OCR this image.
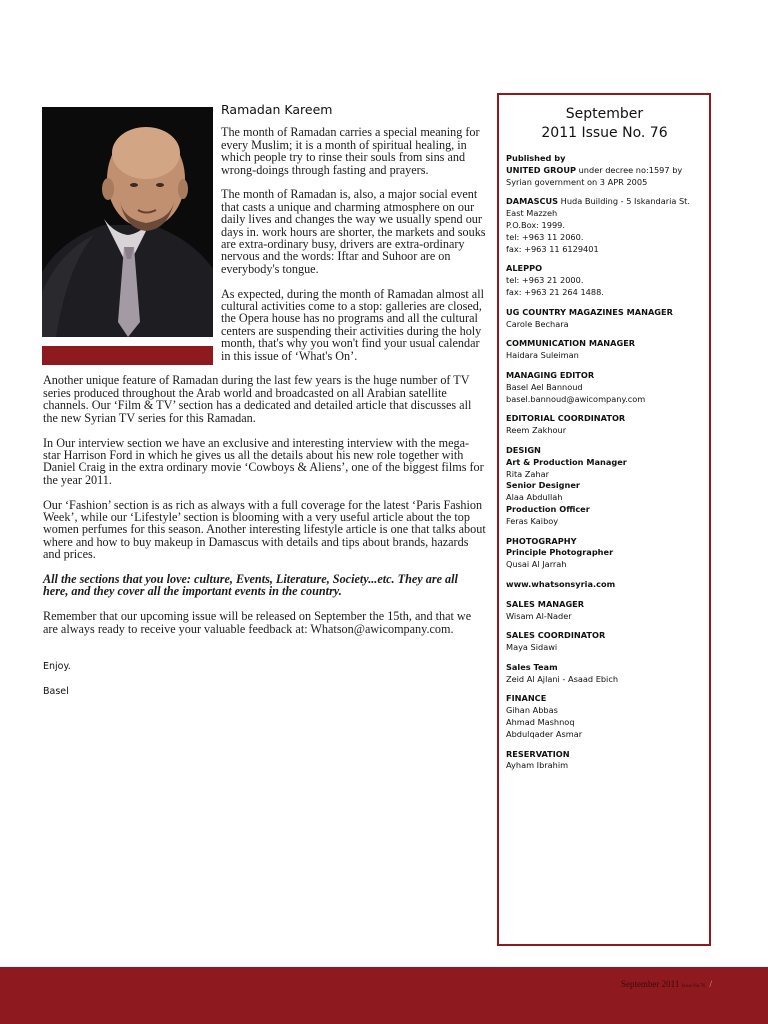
Ramadan Kareem

The month of Ramadan carries a special meaning for every Muslim; it is a month of spiritual healing, in which people try to rinse their souls from sins and wrong-doings through fasting and prayers.

The month of Ramadan is, also, a major social event that casts a unique and charming atmosphere on our daily lives and changes the way we usually spend our days in. work hours are shorter, the markets and souks are extra-ordinary busy, drivers are extra-ordinary nervous and the words: Iftar and Suhoor are on everybody's tongue.

As expected, during the month of Ramadan almost all cultural activities come to a stop: galleries are closed, the Opera house has no programs and all the cultural centers are suspending their activities during the holy month, that's why you won't find your usual calendar in this issue of ‘What's On’.

Another unique feature of Ramadan during the last few years is the huge number of TV series produced throughout the Arab world and broadcasted on all Arabian satellite channels. Our ‘Film & TV’ section has a dedicated and detailed article that discusses all the new Syrian TV series for this Ramadan.

In Our interview section we have an exclusive and interesting interview with the mega-star Harrison Ford in which he gives us all the details about his new role together with Daniel Craig in the extra ordinary movie ‘Cowboys & Aliens’, one of the biggest films for the year 2011.

Our ‘Fashion’ section is as rich as always with a full coverage for the latest ‘Paris Fashion Week’, while our ‘Lifestyle’ section is blooming with a very useful article about the top women perfumes for this season. Another interesting lifestyle article is one that talks about where and how to buy makeup in Damascus with details and tips about brands, hazards and prices.

All the sections that you love: culture, Events, Literature, Society...etc. They are all here, and they cover all the important events in the country.

Remember that our upcoming issue will be released on September the 15th, and that we are always ready to receive your valuable feedback at: Whatson@awicompany.com.

Enjoy.

Basel

September
2011 Issue No. 76
Published by
UNITED GROUP under decree no:1597 by
Syrian government on 3 APR 2005
DAMASCUS Huda Building - 5 Iskandaria St.
East Mazzeh
P.O.Box: 1999.
tel: +963 11 2060.
fax: +963 11 6129401
ALEPPO
tel: +963 21 2000.
fax: +963 21 264 1488.
UG COUNTRY MAGAZINES MANAGER
Carole Bechara
COMMUNICATION MANAGER
Haidara Suleiman
MANAGING EDITOR
Basel Ael Bannoud
basel.bannoud@awicompany.com
EDITORIAL COORDINATOR
Reem Zakhour
DESIGN
Art & Production Manager
Rita Zahar
Senior Designer
Alaa Abdullah
Production Officer
Feras Kaiboy
PHOTOGRAPHY
Principle Photographer
Qusai Al Jarrah
www.whatsonsyria.com
SALES MANAGER
Wisam Al-Nader
SALES COORDINATOR
Maya Sidawi
Sales Team
Zeid Al Ajlani - Asaad Ebich
FINANCE
Gihan Abbas
Ahmad Mashnoq
Abdulqader Asmar
RESERVATION
Ayham Ibrahim
September 2011 Issue No.76 /
